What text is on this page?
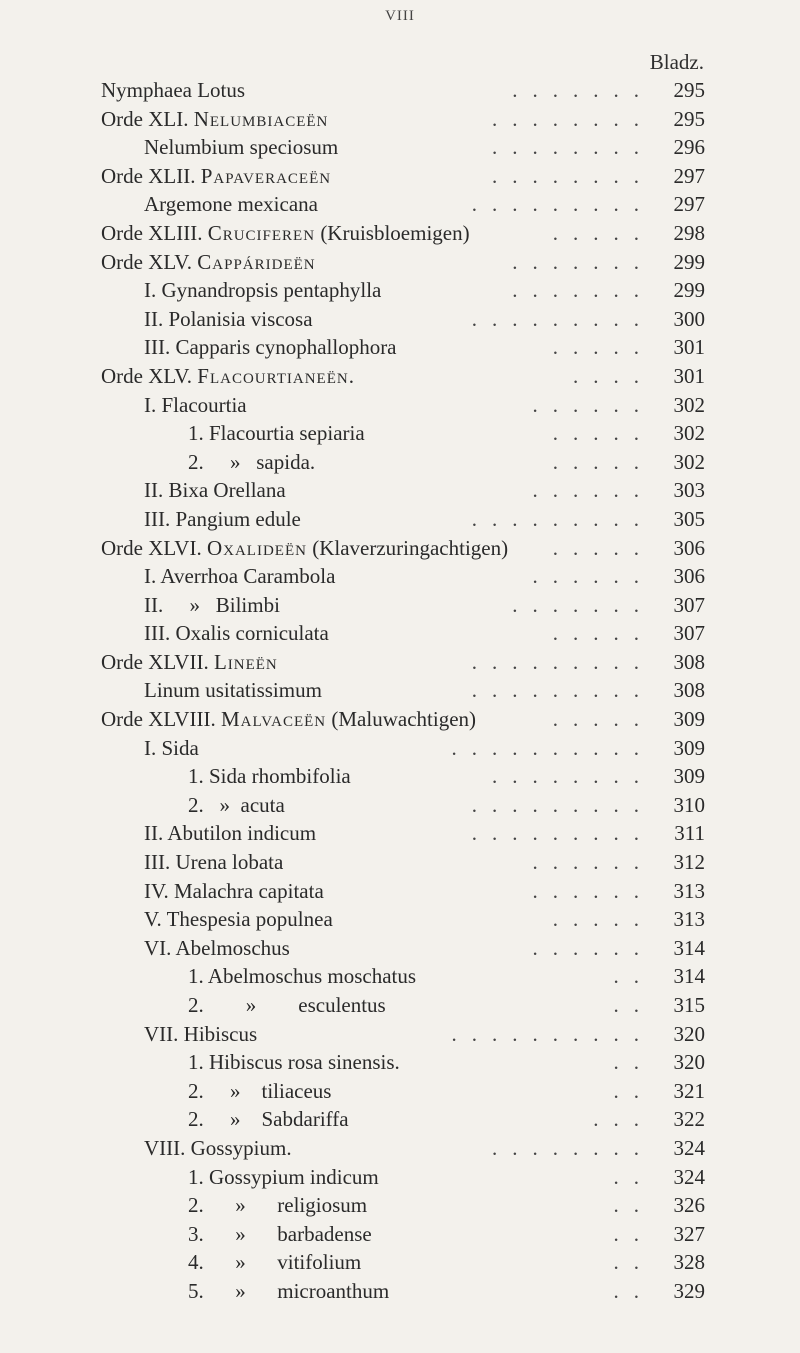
VIII
Bladz.
Nymphaea Lotus	....... 295
Orde XLI. Nelumbiaceën	........ 295
Nelumbium speciosum	........ 296
Orde XLII. Papaveraceën	........ 297
Argemone mexicana	......... 297
Orde XLIII. Cruciferen (Kruisbloemigen)	..... 298
Orde XLV. Cappárideën	....... 299
I. Gynandropsis pentaphylla	....... 299
II. Polanisia viscosa	......... 300
III. Capparis cynophallophora	..... 301
Orde XLV. Flacourtianeën.	.... 301
I. Flacourtia	...... 302
1. Flacourtia sepiaria	..... 302
2.     »   sapida.	..... 302
II. Bixa Orellana	...... 303
III. Pangium edule	......... 305
Orde XLVI. Oxalideën (Klaverzuringachtigen) ..... 306
I. Averrhoa Carambola	...... 306
II.     »   Bilimbi	....... 307
III. Oxalis corniculata	..... 307
Orde XLVII. Lineën	......... 308
Linum usitatissimum	......... 308
Orde XLVIII. Malvaceën (Maluwachtigen)	..... 309
I. Sida	.......... 309
1. Sida rhombifolia	........ 309
2.   »  acuta	......... 310
II. Abutilon indicum	......... 311
III. Urena lobata	...... 312
IV. Malachra capitata	...... 313
V. Thespesia populnea	..... 313
VI. Abelmoschus	...... 314
1. Abelmoschus moschatus	.. 314
2.        »        esculentus	.. 315
VII. Hibiscus	.......... 320
1. Hibiscus rosa sinensis.	.. 320
2.     »    tiliaceus	.. 321
2.     »    Sabdariffa	... 322
VIII. Gossypium.	........ 324
1. Gossypium indicum	.. 324
2.      »      religiosum	.. 326
3.      »      barbadense	.. 327
4.      »      vitifolium	.. 328
5.      »      microanthum	.. 329
